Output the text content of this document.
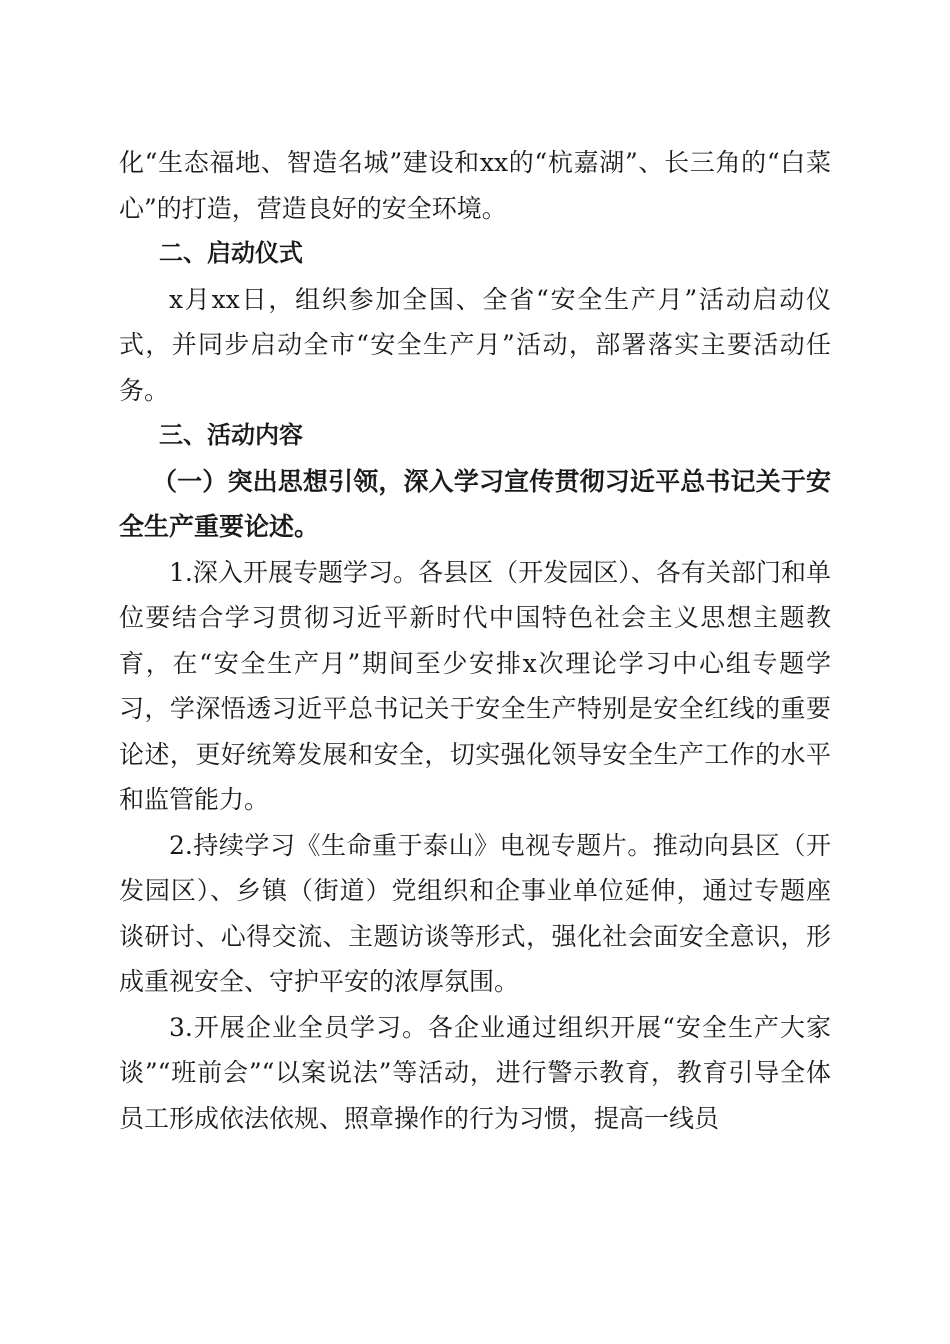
化“生态福地、智造名城”建设和xx的“杭嘉湖”、长三角的“白菜心”的打造，营造良好的安全环境。

二、启动仪式

x月xx日，组织参加全国、全省“安全生产月”活动启动仪式，并同步启动全市“安全生产月”活动，部署落实主要活动任务。

三、活动内容

（一）突出思想引领，深入学习宣传贯彻习近平总书记关于安全生产重要论述。

1.深入开展专题学习。各县区（开发园区）、各有关部门和单位要结合学习贯彻习近平新时代中国特色社会主义思想主题教育，在“安全生产月”期间至少安排x次理论学习中心组专题学习，学深悟透习近平总书记关于安全生产特别是安全红线的重要论述，更好统筹发展和安全，切实强化领导安全生产工作的水平和监管能力。

2.持续学习《生命重于泰山》电视专题片。推动向县区（开发园区）、乡镇（街道）党组织和企事业单位延伸，通过专题座谈研讨、心得交流、主题访谈等形式，强化社会面安全意识，形成重视安全、守护平安的浓厚氛围。

3.开展企业全员学习。各企业通过组织开展“安全生产大家谈”“班前会”“以案说法”等活动，进行警示教育，教育引导全体员工形成依法依规、照章操作的行为习惯，提高一线员
